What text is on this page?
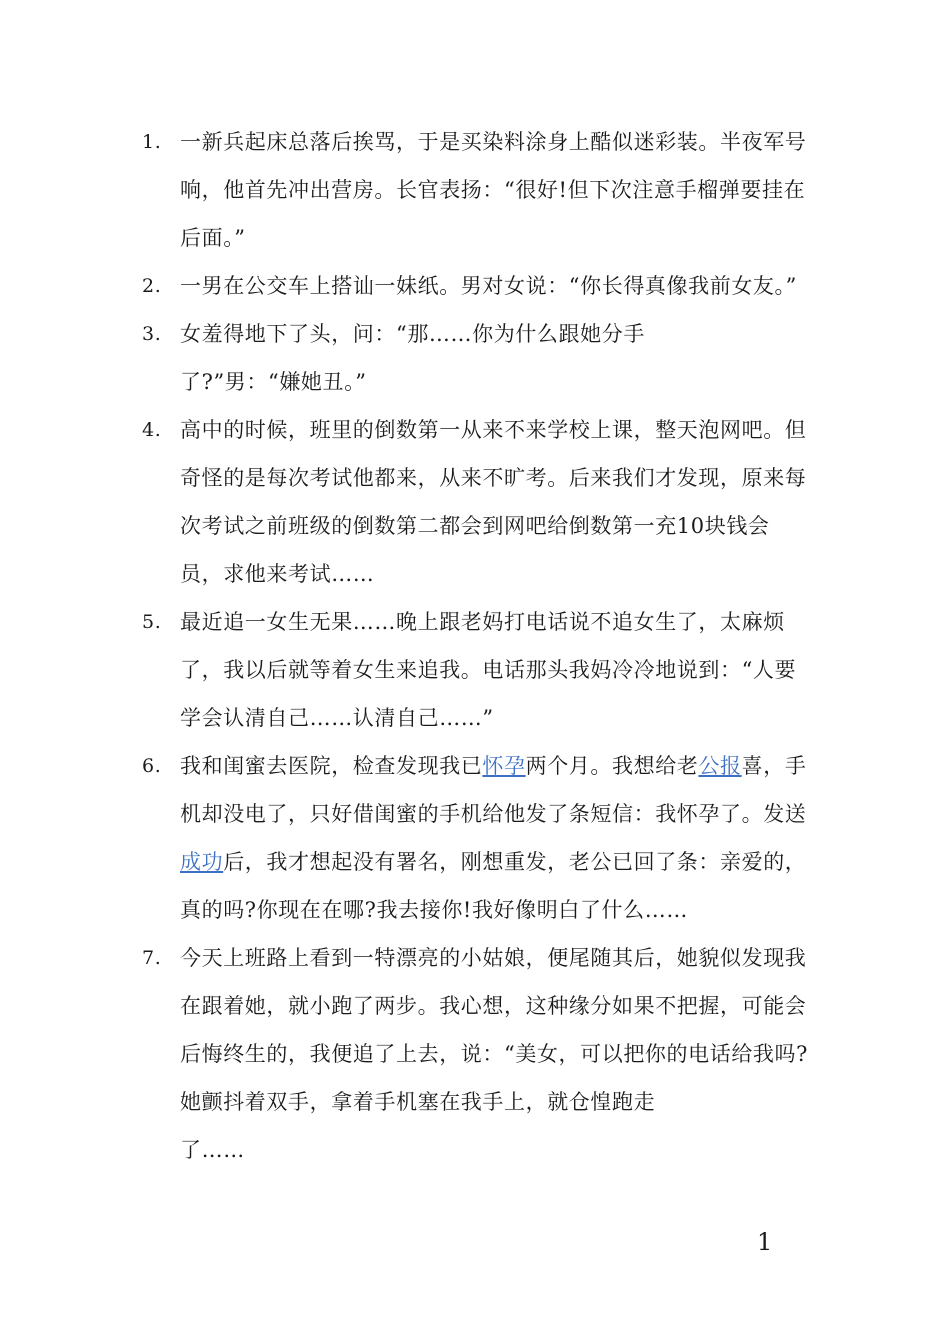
1. 一新兵起床总落后挨骂，于是买染料涂身上酷似迷彩装。半夜军号响，他首先冲出营房。长官表扬：“很好!但下次注意手榴弹要挂在后面。”
2. 一男在公交车上搭讪一妹纸。男对女说：“你长得真像我前女友。”
3. 女羞得地下了头，问：“那……你为什么跟她分手
了?”男：“嫌她丑。”
4. 高中的时候，班里的倒数第一从来不来学校上课，整天泡网吧。但奇怪的是每次考试他都来，从来不旷考。后来我们才发现，原来每次考试之前班级的倒数第二都会到网吧给倒数第一充10块钱会员，求他来考试……
5. 最近追一女生无果……晚上跟老妈打电话说不追女生了，太麻烦了，我以后就等着女生来追我。电话那头我妈冷冷地说到：“人要学会认清自己……认清自己……”
6. 我和闺蜜去医院，检查发现我已怀孕两个月。我想给老公报喜，手机却没电了，只好借闺蜜的手机给他发了条短信：我怀孕了。发送成功后，我才想起没有署名，刚想重发，老公已回了条：亲爱的，真的吗?你现在在哪?我去接你!我好像明白了什么……
7. 今天上班路上看到一特漂亮的小姑娘，便尾随其后，她貌似发现我在跟着她，就小跑了两步。我心想，这种缘分如果不把握，可能会后悔终生的，我便追了上去，说：“美女，可以把你的电话给我吗?她颤抖着双手，拿着手机塞在我手上，就仓惶跑走
了……
1
